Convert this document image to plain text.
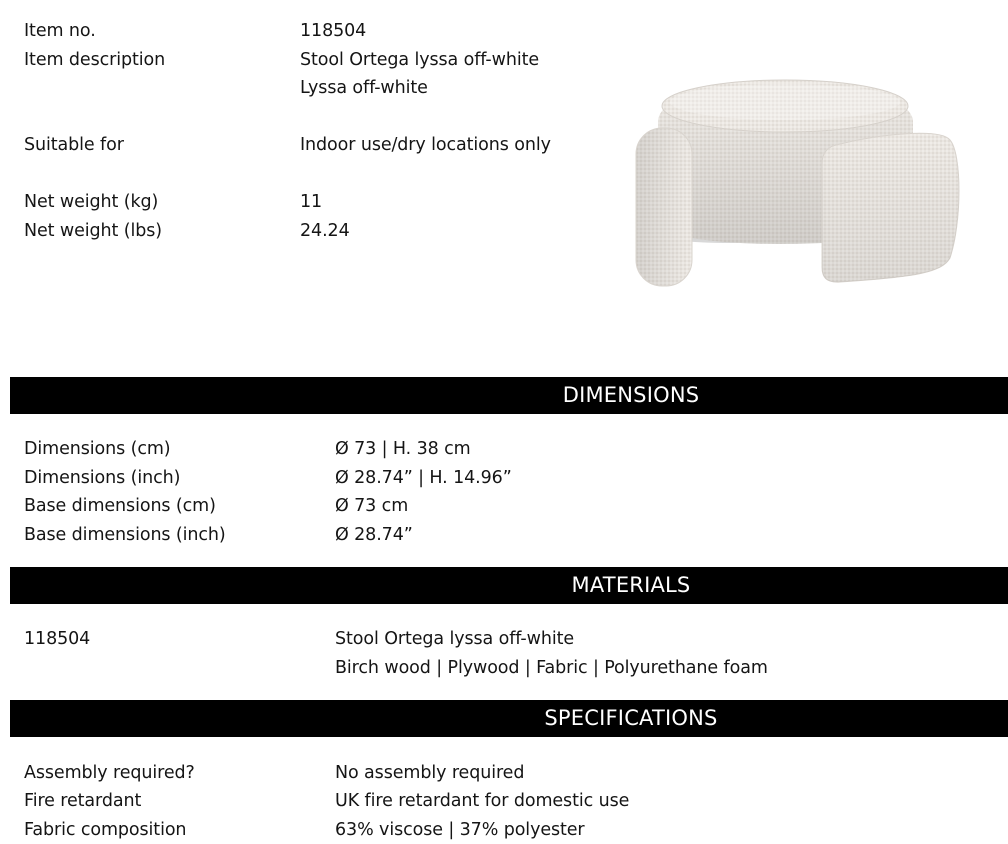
Item no.	118504
Item description	Stool Ortega lyssa off-white
Lyssa off-white
Suitable for	Indoor use/dry locations only
Net weight (kg)	11
Net weight (lbs)	24.24
DIMENSIONS
Dimensions (cm)	Ø 73 | H. 38 cm
Dimensions (inch)	Ø 28.74” | H. 14.96”
Base dimensions (cm)	Ø 73 cm
Base dimensions (inch)	Ø 28.74”
MATERIALS
118504	Stool Ortega lyssa off-white
Birch wood | Plywood | Fabric | Polyurethane foam
SPECIFICATIONS
Assembly required?	No assembly required
Fire retardant	UK fire retardant for domestic use
Fabric composition	63% viscose | 37% polyester
